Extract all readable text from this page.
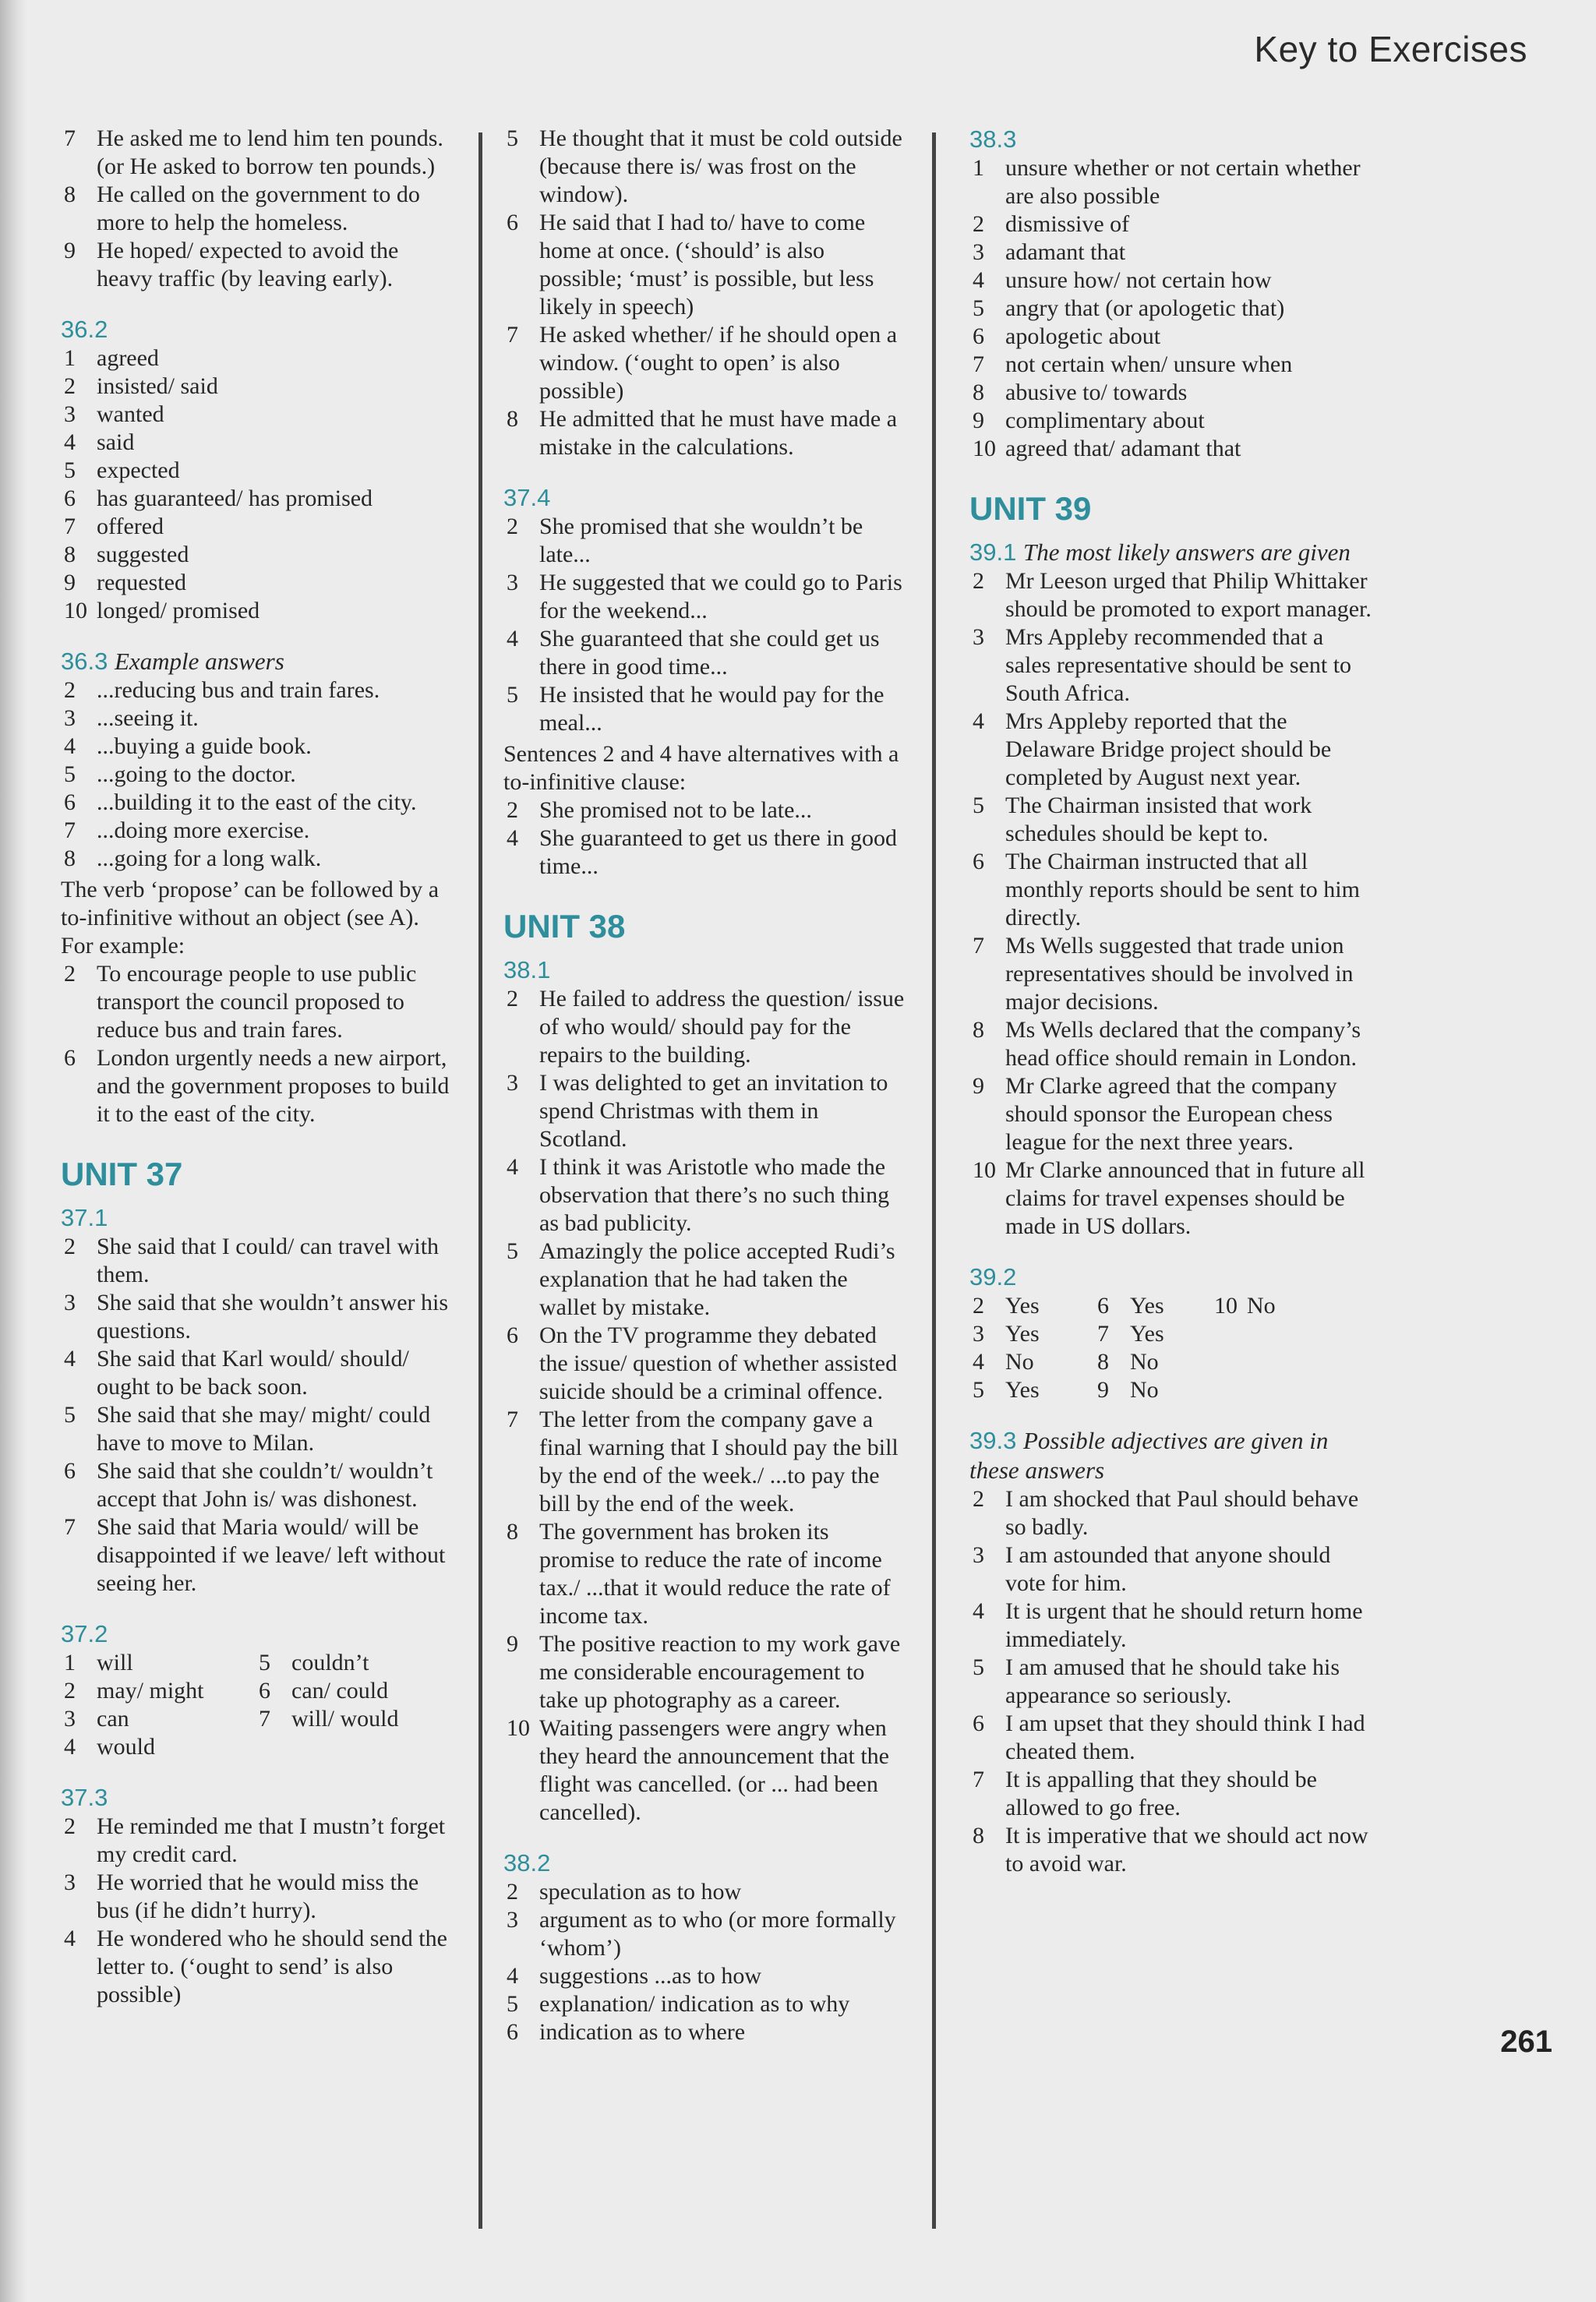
Key to Exercises
7 He asked me to lend him ten pounds. (or He asked to borrow ten pounds.)
8 He called on the government to do more to help the homeless.
9 He hoped/ expected to avoid the heavy traffic (by leaving early).
36.2
1 agreed
2 insisted/ said
3 wanted
4 said
5 expected
6 has guaranteed/ has promised
7 offered
8 suggested
9 requested
10 longed/ promised
36.3 Example answers
2 ...reducing bus and train fares.
3 ...seeing it.
4 ...buying a guide book.
5 ...going to the doctor.
6 ...building it to the east of the city.
7 ...doing more exercise.
8 ...going for a long walk.
The verb ‘propose’ can be followed by a to-infinitive without an object (see A). For example:
2 To encourage people to use public transport the council proposed to reduce bus and train fares.
6 London urgently needs a new airport, and the government proposes to build it to the east of the city.
UNIT 37
37.1
2 She said that I could/ can travel with them.
3 She said that she wouldn’t answer his questions.
4 She said that Karl would/ should/ ought to be back soon.
5 She said that she may/ might/ could have to move to Milan.
6 She said that she couldn’t/ wouldn’t accept that John is/ was dishonest.
7 She said that Maria would/ will be disappointed if we leave/ left without seeing her.
37.2
1 will	5 couldn’t
2 may/ might	6 can/ could
3 can	7 will/ would
4 would
37.3
2 He reminded me that I mustn’t forget my credit card.
3 He worried that he would miss the bus (if he didn’t hurry).
4 He wondered who he should send the letter to. (‘ought to send’ is also possible)
5 He thought that it must be cold outside (because there is/ was frost on the window).
6 He said that I had to/ have to come home at once. (‘should’ is also possible; ‘must’ is possible, but less likely in speech)
7 He asked whether/ if he should open a window. (‘ought to open’ is also possible)
8 He admitted that he must have made a mistake in the calculations.
37.4
2 She promised that she wouldn’t be late...
3 He suggested that we could go to Paris for the weekend...
4 She guaranteed that she could get us there in good time...
5 He insisted that he would pay for the meal...
Sentences 2 and 4 have alternatives with a to-infinitive clause:
2 She promised not to be late...
4 She guaranteed to get us there in good time...
UNIT 38
38.1
2 He failed to address the question/ issue of who would/ should pay for the repairs to the building.
3 I was delighted to get an invitation to spend Christmas with them in Scotland.
4 I think it was Aristotle who made the observation that there’s no such thing as bad publicity.
5 Amazingly the police accepted Rudi’s explanation that he had taken the wallet by mistake.
6 On the TV programme they debated the issue/ question of whether assisted suicide should be a criminal offence.
7 The letter from the company gave a final warning that I should pay the bill by the end of the week./ ...to pay the bill by the end of the week.
8 The government has broken its promise to reduce the rate of income tax./ ...that it would reduce the rate of income tax.
9 The positive reaction to my work gave me considerable encouragement to take up photography as a career.
10 Waiting passengers were angry when they heard the announcement that the flight was cancelled. (or ... had been cancelled).
38.2
2 speculation as to how
3 argument as to who (or more formally ‘whom’)
4 suggestions ...as to how
5 explanation/ indication as to why
6 indication as to where
38.3
1 unsure whether or not certain whether are also possible
2 dismissive of
3 adamant that
4 unsure how/ not certain how
5 angry that (or apologetic that)
6 apologetic about
7 not certain when/ unsure when
8 abusive to/ towards
9 complimentary about
10 agreed that/ adamant that
UNIT 39
39.1 The most likely answers are given
2 Mr Leeson urged that Philip Whittaker should be promoted to export manager.
3 Mrs Appleby recommended that a sales representative should be sent to South Africa.
4 Mrs Appleby reported that the Delaware Bridge project should be completed by August next year.
5 The Chairman insisted that work schedules should be kept to.
6 The Chairman instructed that all monthly reports should be sent to him directly.
7 Ms Wells suggested that trade union representatives should be involved in major decisions.
8 Ms Wells declared that the company’s head office should remain in London.
9 Mr Clarke agreed that the company should sponsor the European chess league for the next three years.
10 Mr Clarke announced that in future all claims for travel expenses should be made in US dollars.
39.2
2 Yes	6 Yes	10 No
3 Yes	7 Yes
4 No	8 No
5 Yes	9 No
39.3 Possible adjectives are given in these answers
2 I am shocked that Paul should behave so badly.
3 I am astounded that anyone should vote for him.
4 It is urgent that he should return home immediately.
5 I am amused that he should take his appearance so seriously.
6 I am upset that they should think I had cheated them.
7 It is appalling that they should be allowed to go free.
8 It is imperative that we should act now to avoid war.
261
